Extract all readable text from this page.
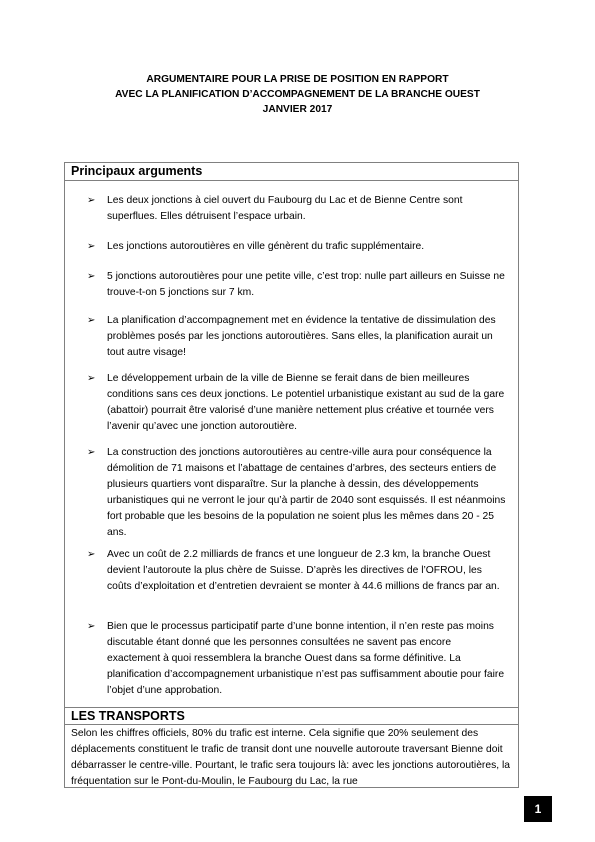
ARGUMENTAIRE POUR LA PRISE DE POSITION EN RAPPORT
AVEC LA PLANIFICATION D’ACCOMPAGNEMENT DE LA BRANCHE OUEST
JANVIER 2017
Principaux arguments
➢ Les deux jonctions à ciel ouvert du Faubourg du Lac et de Bienne Centre sont superflues. Elles détruisent l’espace urbain.
➢ Les jonctions autoroutières en ville génèrent du trafic supplémentaire.
➢ 5 jonctions autoroutières pour une petite ville, c’est trop: nulle part ailleurs en Suisse ne trouve-t-on 5 jonctions sur 7 km.
➢ La planification d’accompagnement met en évidence la tentative de dissimulation des problèmes posés par les jonctions autoroutières. Sans elles, la planification aurait un tout autre visage!
➢ Le développement urbain de la ville de Bienne se ferait dans de bien meilleures conditions sans ces deux jonctions. Le potentiel urbanistique existant au sud de la gare (abattoir) pourrait être valorisé d’une manière nettement plus créative et tournée vers l’avenir qu’avec une jonction autoroutière.
➢ La construction des jonctions autoroutières au centre-ville aura pour conséquence la démolition de 71 maisons et l’abattage de centaines d’arbres, des secteurs entiers de plusieurs quartiers vont disparaître. Sur la planche à dessin, des développements urbanistiques qui ne verront le jour qu’à partir de 2040 sont esquissés. Il est néanmoins fort probable que les besoins de la population ne soient plus les mêmes dans 20 - 25 ans.
➢ Avec un coût de 2.2 milliards de francs et une longueur de 2.3 km, la branche Ouest devient l’autoroute la plus chère de Suisse. D’après les directives de l’OFROU, les coûts d’exploitation et d’entretien devraient se monter à 44.6 millions de francs par an.
➢ Bien que le processus participatif parte d’une bonne intention, il n’en reste pas moins discutable étant donné que les personnes consultées ne savent pas encore exactement à quoi ressemblera la branche Ouest dans sa forme définitive. La planification d’accompagnement urbanistique n’est pas suffisamment aboutie pour faire l’objet d’une approbation.
LES TRANSPORTS
Selon les chiffres officiels, 80% du trafic est interne. Cela signifie que 20% seulement des déplacements constituent le trafic de transit dont une nouvelle autoroute traversant Bienne doit débarrasser le centre-ville. Pourtant, le trafic sera toujours là: avec les jonctions autoroutières, la fréquentation sur le Pont-du-Moulin, le Faubourg du Lac, la rue
1
